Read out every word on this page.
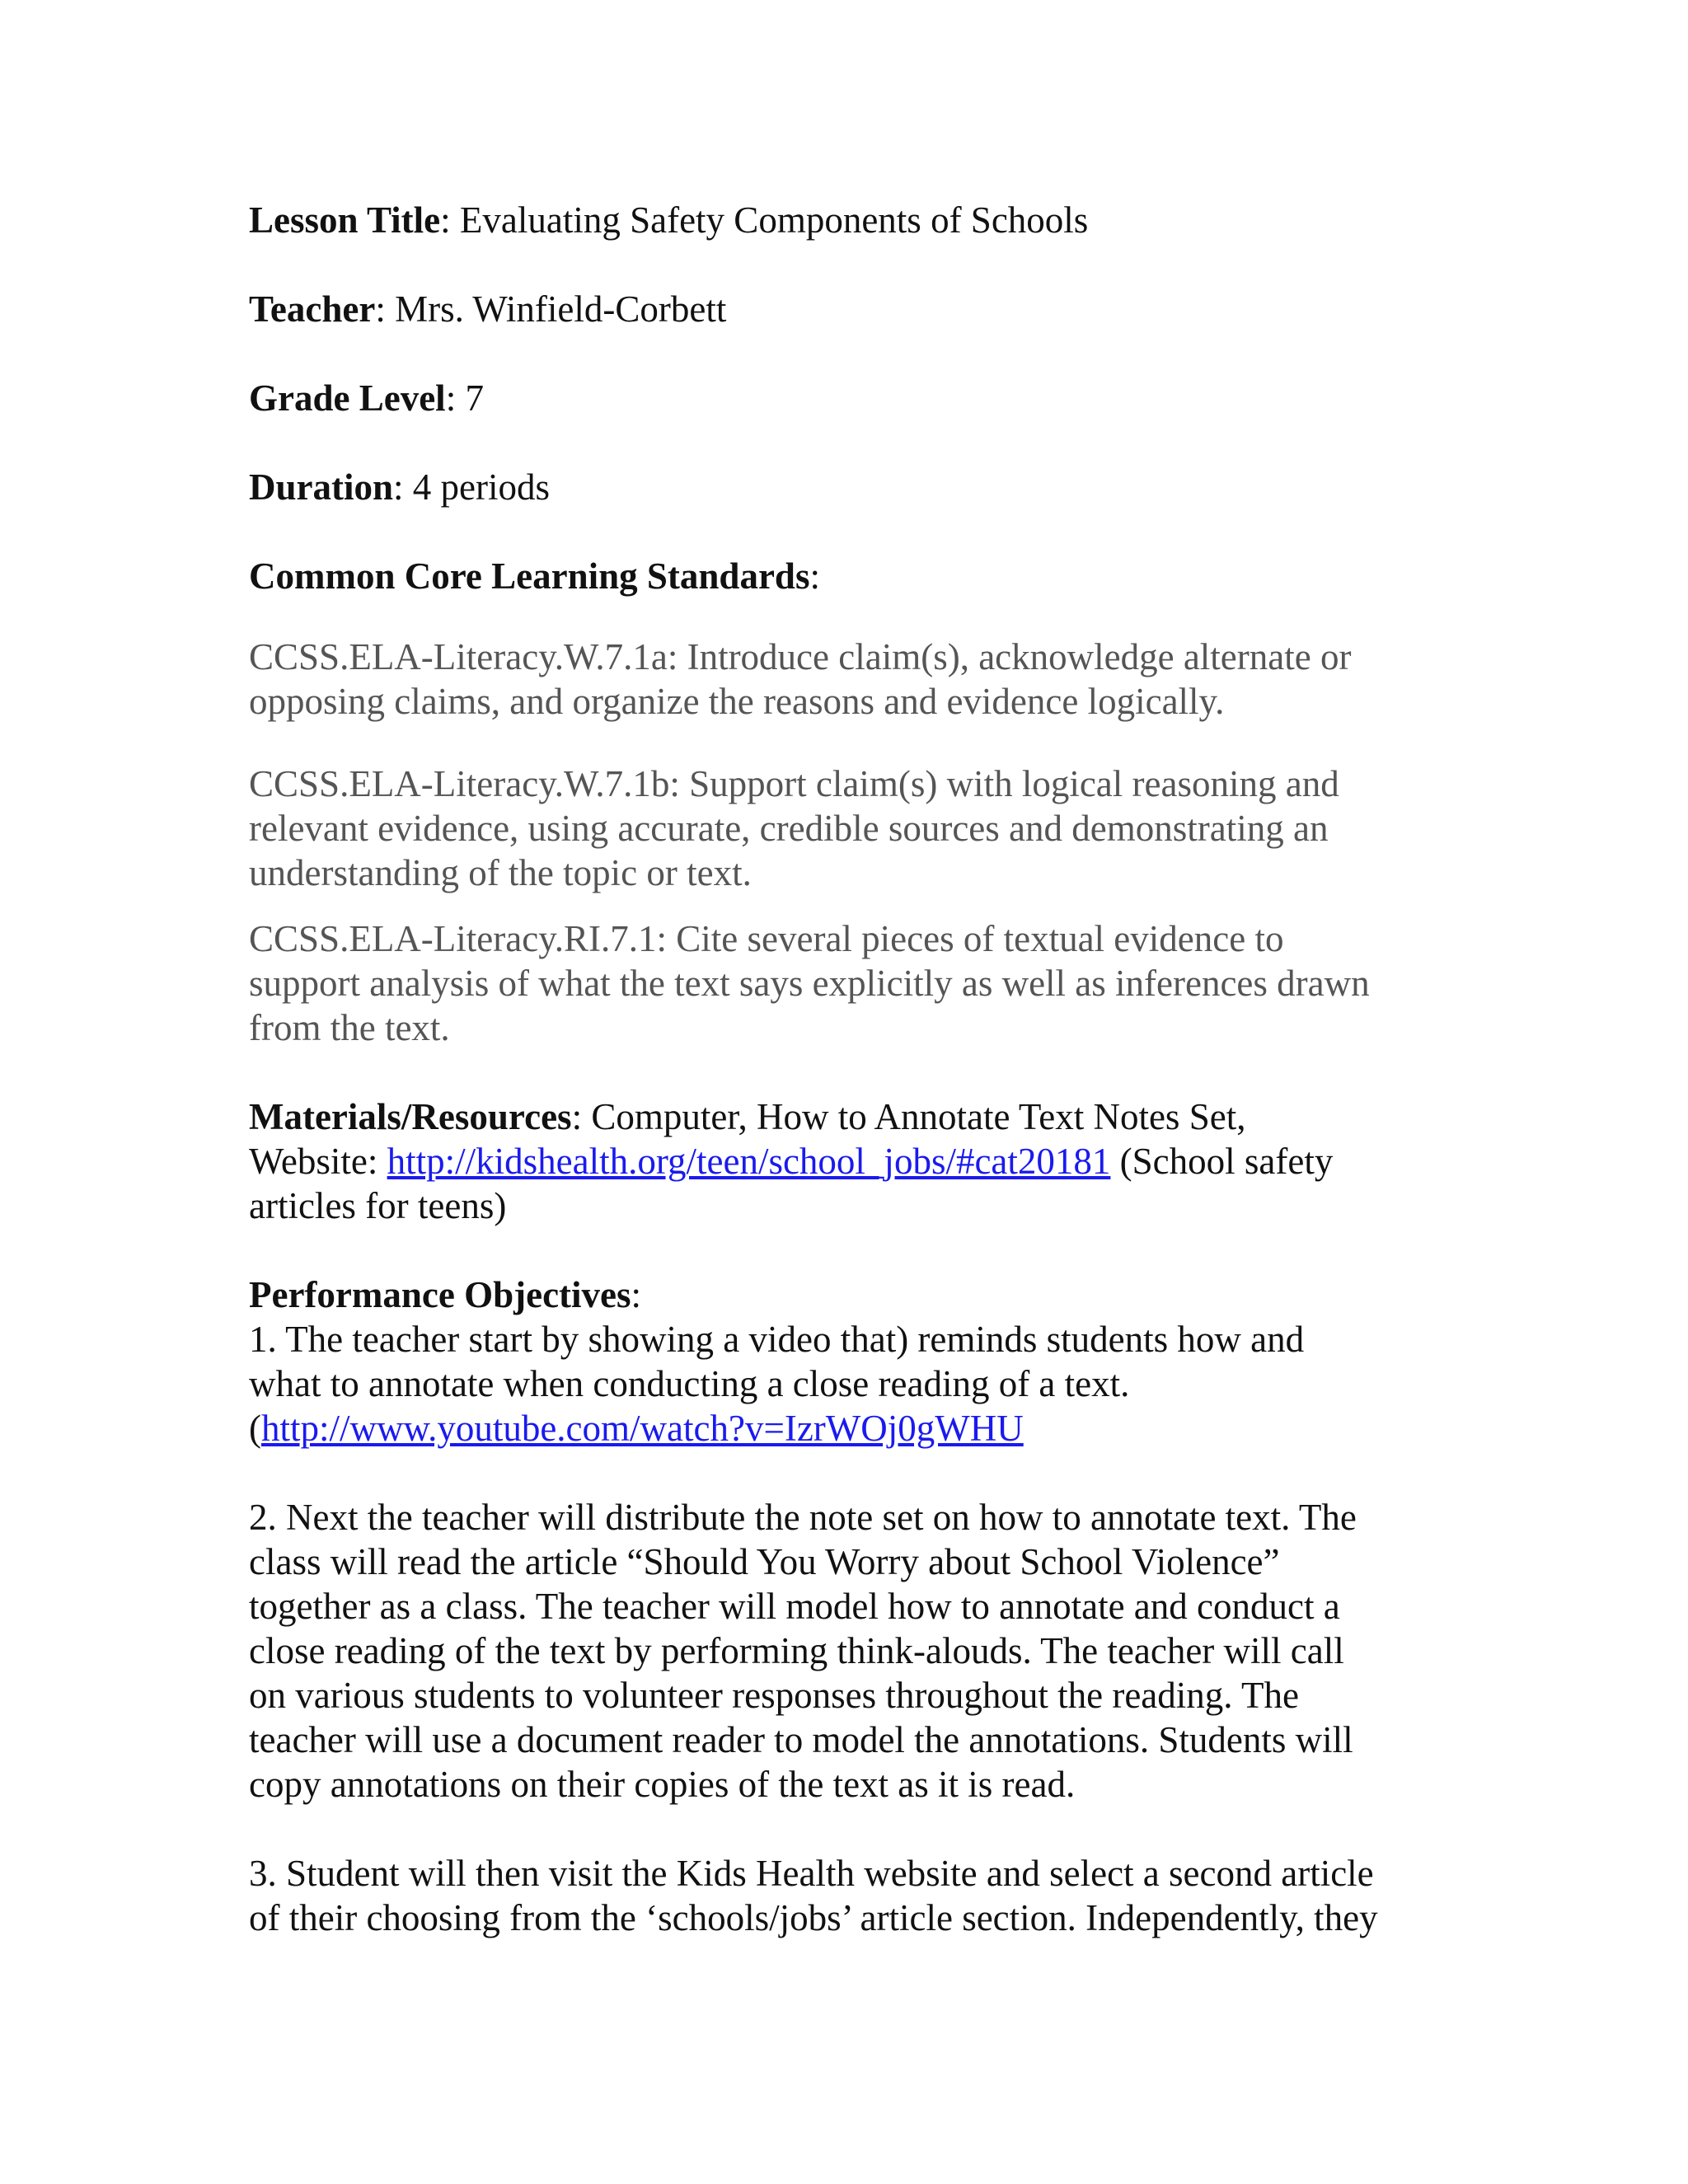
Lesson Title: Evaluating Safety Components of Schools

Teacher: Mrs. Winfield-Corbett

Grade Level: 7

Duration: 4 periods

Common Core Learning Standards:

CCSS.ELA-Literacy.W.7.1a: Introduce claim(s), acknowledge alternate or
opposing claims, and organize the reasons and evidence logically.
CCSS.ELA-Literacy.W.7.1b: Support claim(s) with logical reasoning and
relevant evidence, using accurate, credible sources and demonstrating an
understanding of the topic or text.
CCSS.ELA-Literacy.RI.7.1: Cite several pieces of textual evidence to
support analysis of what the text says explicitly as well as inferences drawn
from the text.
Materials/Resources: Computer, How to Annotate Text Notes Set,
Website: http://kidshealth.org/teen/school_jobs/#cat20181 (School safety
articles for teens)
Performance Objectives:
1. The teacher start by showing a video that) reminds students how and
what to annotate when conducting a close reading of a text.
(http://www.youtube.com/watch?v=IzrWOj0gWHU
2. Next the teacher will distribute the note set on how to annotate text. The
class will read the article “Should You Worry about School Violence”
together as a class. The teacher will model how to annotate and conduct a
close reading of the text by performing think-alouds. The teacher will call
on various students to volunteer responses throughout the reading. The
teacher will use a document reader to model the annotations. Students will
copy annotations on their copies of the text as it is read.
3. Student will then visit the Kids Health website and select a second article
of their choosing from the ‘schools/jobs’ article section. Independently, they
